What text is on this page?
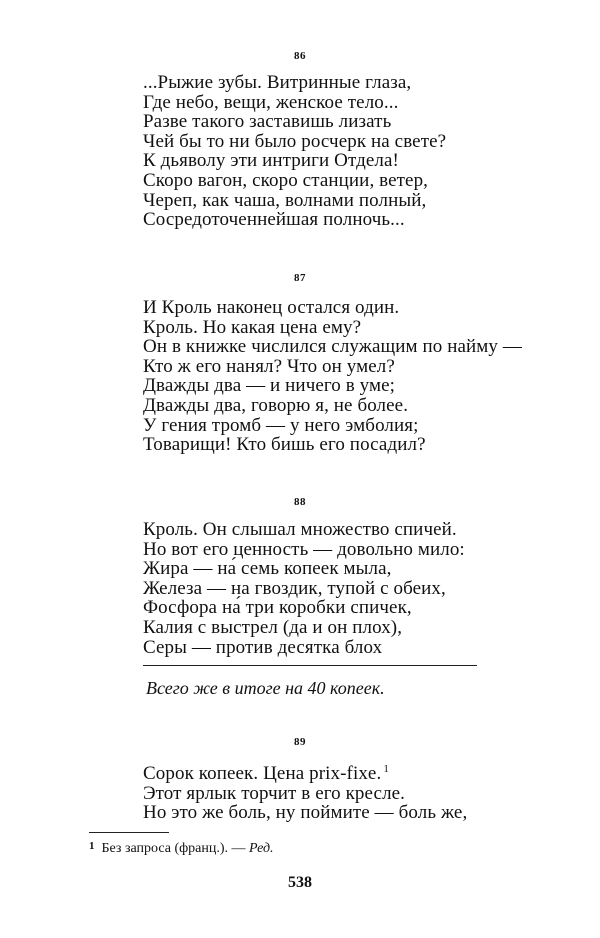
86
...Рыжие зубы. Витринные глаза,
Где небо, вещи, женское тело...
Разве такого заставишь лизать
Чей бы то ни было росчерк на свете?
К дьяволу эти интриги Отдела!
Скоро вагон, скоро станции, ветер,
Череп, как чаша, волнами полный,
Сосредоточеннейшая полночь...
87
И Кроль наконец остался один.
Кроль. Но какая цена ему?
Он в книжке числился служащим по найму —
Кто ж его нанял? Что он умел?
Дважды два — и ничего в уме;
Дважды два, говорю я, не более.
У гения тромб — у него эмболия;
Товарищи! Кто бишь его посадил?
88
Кроль. Он слышал множество спичей.
Но вот его ценность — довольно мило:
Жира — на́ семь копеек мыла,
Железа — на гвоздик, тупой с обеих,
Фосфора на́ три коробки спичек,
Калия с выстрел (да и он плох),
Серы — против десятка блох
Всего же в итоге на 40 копеек.
89
Сорок копеек. Цена prix-fixe. $^1$
Этот ярлык торчит в его кресле.
Но это же боль, ну поймите — боль же,
$^1$ Без запроса (франц.). — Ред.
538
